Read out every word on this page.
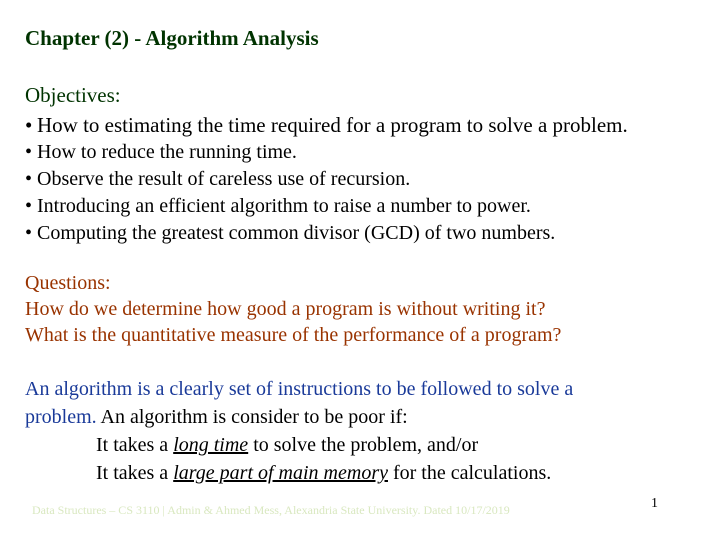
Chapter (2) - Algorithm Analysis
Objectives:
• How to estimating the time required for a program to solve a problem.
• How to reduce the running time.
• Observe the result of careless use of recursion.
• Introducing an efficient algorithm to raise a number to power.
• Computing the greatest common divisor (GCD) of two numbers.
Questions:
How do we determine how good a program is without writing it?
What is the quantitative measure of the performance of a program?
An algorithm is a clearly set of instructions to be followed to solve a
problem. An algorithm is consider to be poor if:
It takes a long time to solve the problem, and/or
It takes a large part of main memory for the calculations.
Data Structures – CS 3110 | Admin & Ahmed Mess, Alexandria State University. Dated 10/17/2019	1
